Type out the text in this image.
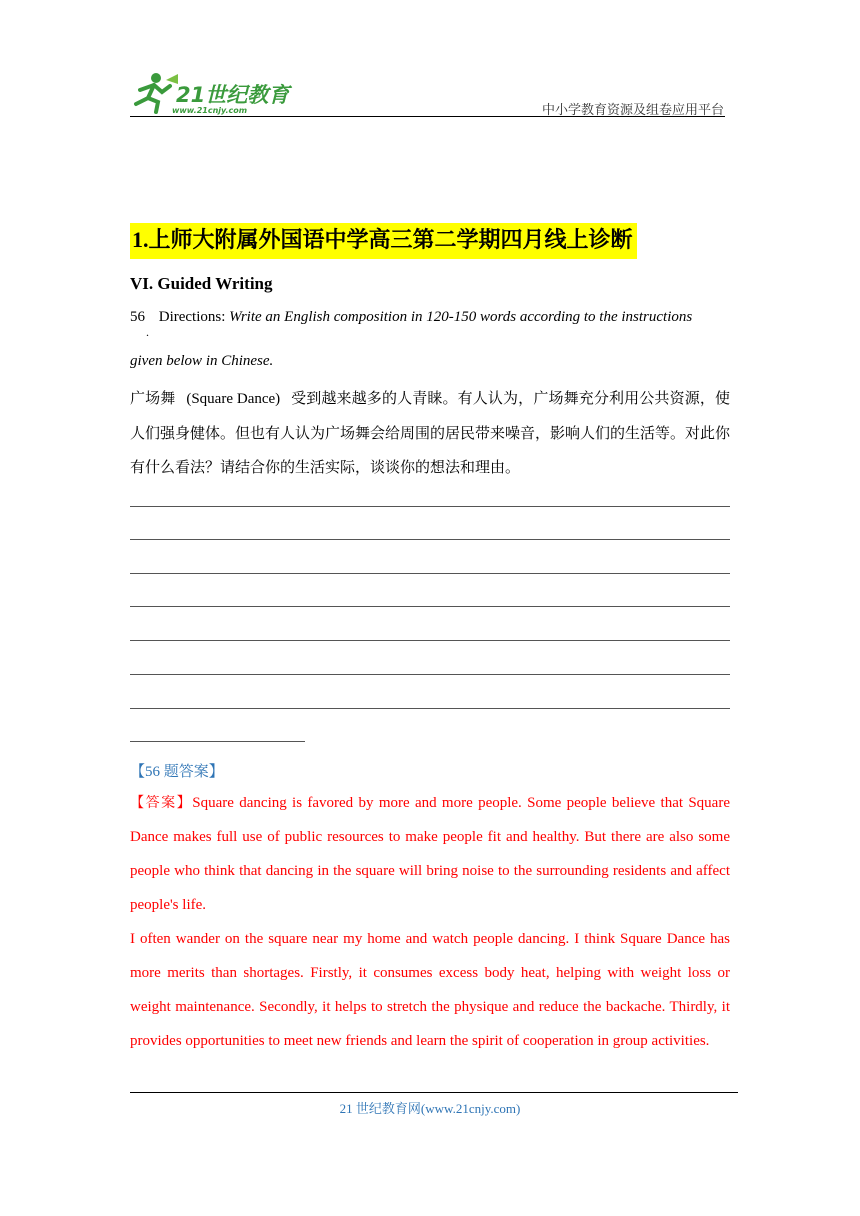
21世纪教育
www.21cnjy.com	中小学教育资源及组卷应用平台
1.上师大附属外国语中学高三第二学期四月线上诊断
VI. Guided Writing
56 Directions: Write an English composition in 120-150 words according to the instructions
.
given below in Chinese.
广场舞 (Square Dance) 受到越来越多的人青睐。有人认为，广场舞充分利用公共资源，使人们强身健体。但也有人认为广场舞会给周围的居民带来噪音，影响人们的生活等。对此你有什么看法？请结合你的生活实际，谈谈你的想法和理由。
【56 题答案】

【答案】Square dancing is favored by more and more people. Some people believe that Square Dance makes full use of public resources to make people fit and healthy. But there are also some people who think that dancing in the square will bring noise to the surrounding residents and affect people's life.

I often wander on the square near my home and watch people dancing. I think Square Dance has more merits than shortages. Firstly, it consumes excess body heat, helping with weight loss or weight maintenance. Secondly, it helps to stretch the physique and reduce the backache. Thirdly, it provides opportunities to meet new friends and learn the spirit of cooperation in group activities.

21 世纪教育网(www.21cnjy.com)
